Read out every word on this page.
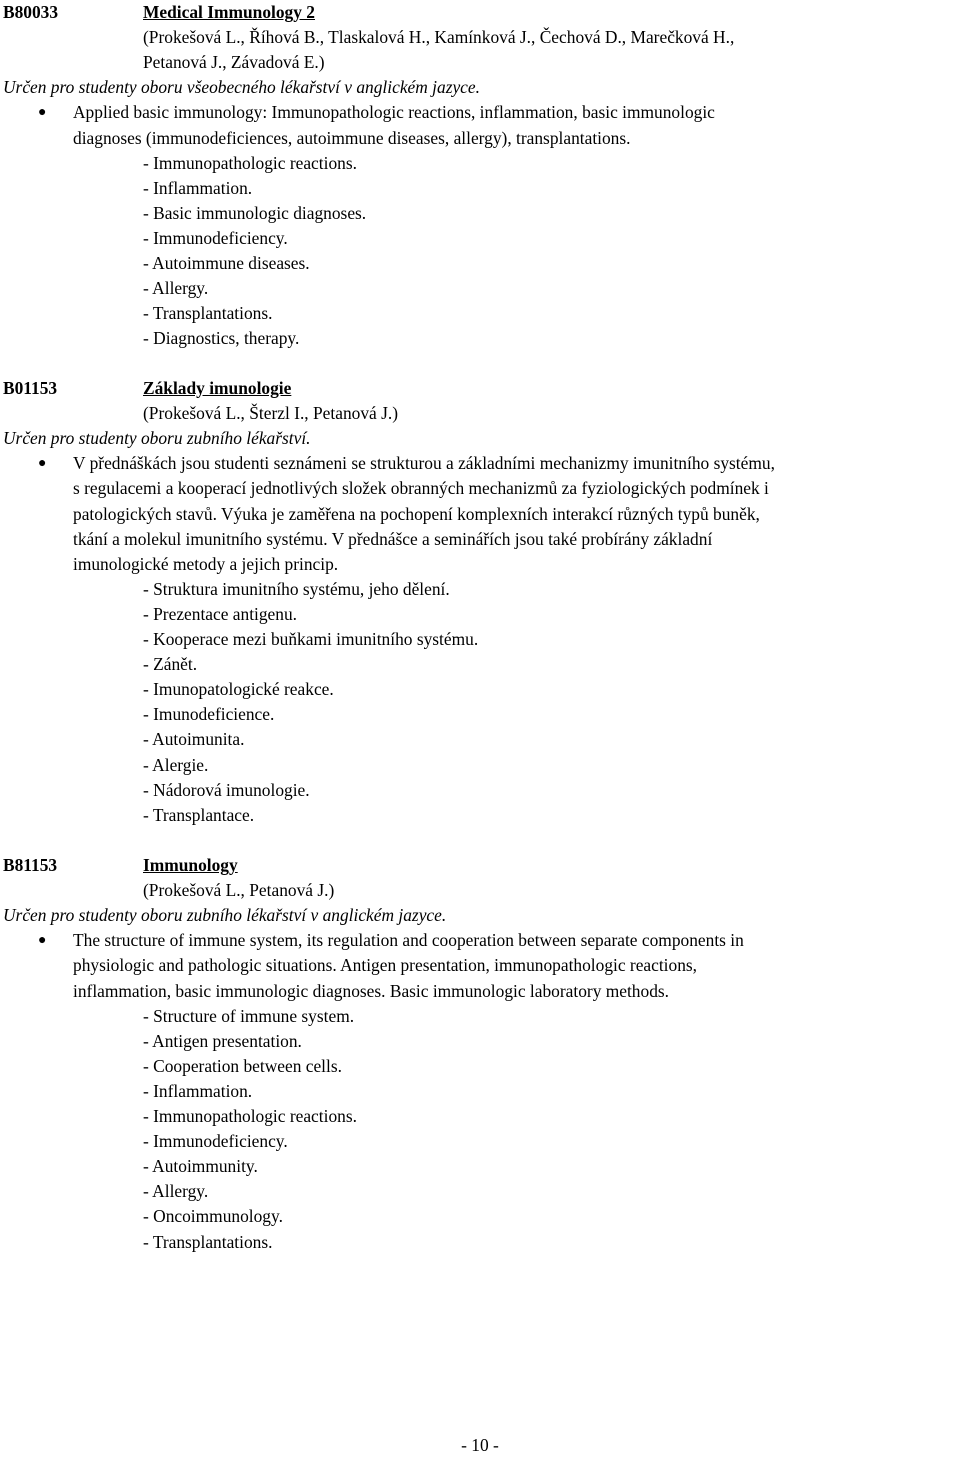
B80033	Medical Immunology 2
(Prokešová L., Říhová B., Tlaskalová H., Kamínková J., Čechová D., Marečková H.,
Petanová J., Závadová E.)
Určen pro studenty oboru všeobecného lékařství v anglickém jazyce.
● Applied basic immunology: Immunopathologic reactions, inflammation, basic immunologic
diagnoses (immunodeficiences, autoimmune diseases, allergy), transplantations.
- Immunopathologic reactions.
- Inflammation.
- Basic immunologic diagnoses.
- Immunodeficiency.
- Autoimmune diseases.
- Allergy.
- Transplantations.
- Diagnostics, therapy.
B01153	Základy imunologie
(Prokešová L., Šterzl I., Petanová J.)
Určen pro studenty oboru zubního lékařství.
● V přednáškách jsou studenti seznámeni se strukturou a základními mechanizmy imunitního systému,
s regulacemi a kooperací jednotlivých složek obranných mechanizmů za fyziologických podmínek i
patologických stavů. Výuka je zaměřena na pochopení komplexních interakcí různých typů buněk,
tkání a molekul imunitního systému. V přednášce a seminářích jsou také probírány základní
imunologické metody a jejich princip.
- Struktura imunitního systému, jeho dělení.
- Prezentace antigenu.
- Kooperace mezi buňkami imunitního systému.
- Zánět.
- Imunopatologické reakce.
- Imunodeficience.
- Autoimunita.
- Alergie.
- Nádorová imunologie.
- Transplantace.
B81153	Immunology
(Prokešová L., Petanová J.)
Určen pro studenty oboru zubního lékařství v anglickém jazyce.
● The structure of immune system, its regulation and cooperation between separate components in
physiologic and pathologic situations. Antigen presentation, immunopathologic reactions,
inflammation, basic immunologic diagnoses. Basic immunologic laboratory methods.
- Structure of immune system.
- Antigen presentation.
- Cooperation between cells.
- Inflammation.
- Immunopathologic reactions.
- Immunodeficiency.
- Autoimmunity.
- Allergy.
- Oncoimmunology.
- Transplantations.
- 10 -
